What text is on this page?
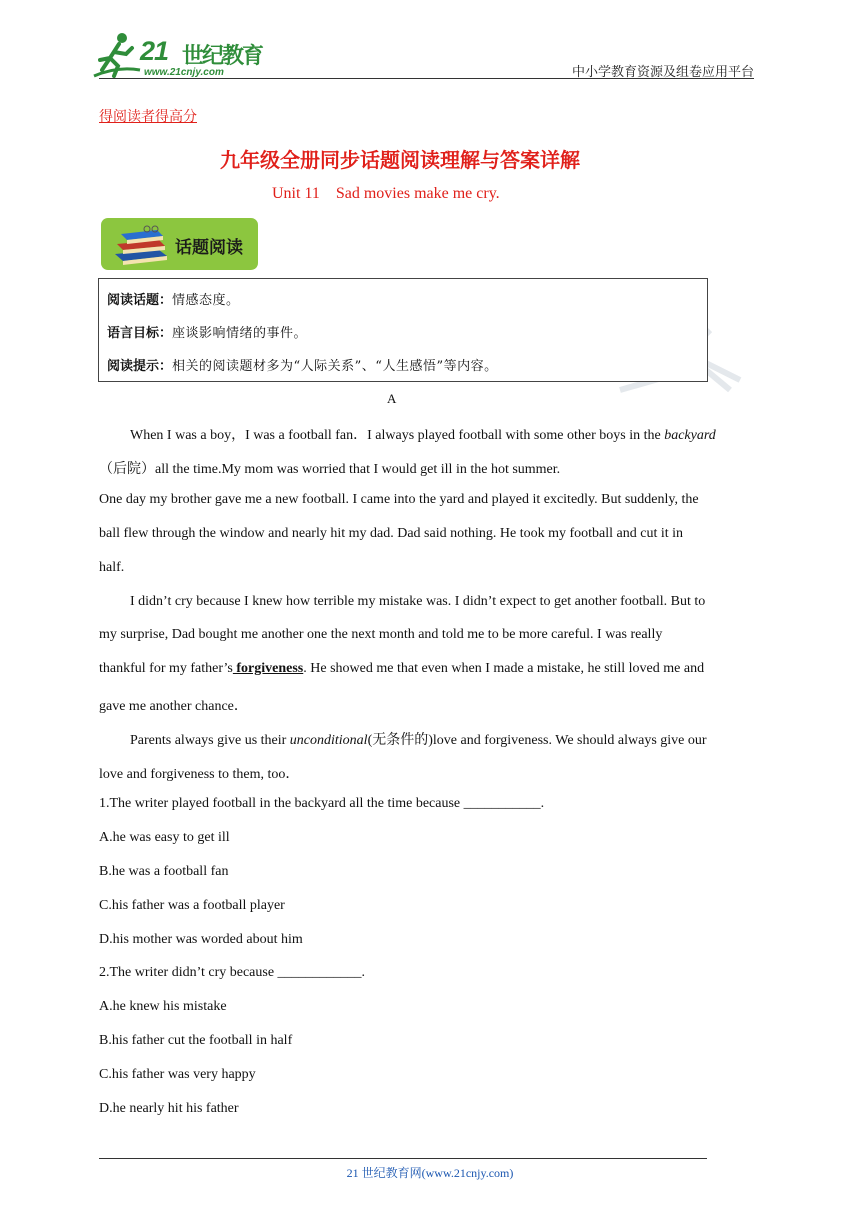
21 世纪教育
www.21cnjy.com	中小学教育资源及组卷应用平台
得阅读者得高分
九年级全册同步话题阅读理解与答案详解
Unit 11 Sad movies make me cry.
话题阅读
阅读话题：情感态度。
语言目标：座谈影响情绪的事件。
阅读提示：相关的阅读题材多为“人际关系”、“人生感悟”等内容。
A
When I was a boy，I was a football fan．I always played football with some other boys in the backyard
（后院）all the time.My mom was worried that I would get ill in the hot summer.
One day my brother gave me a new football. I came into the yard and played it excitedly. But suddenly, the
ball flew through the window and nearly hit my dad. Dad said nothing. He took my football and cut it in
half.
I didn’t cry because I knew how terrible my mistake was. I didn’t expect to get another football. But to
my surprise, Dad bought me another one the next month and told me to be more careful. I was really
thankful for my father’s forgiveness. He showed me that even when I made a mistake, he still loved me and
gave me another chance．
Parents always give us their unconditional(无条件的)love and forgiveness. We should always give our
love and forgiveness to them, too．
1.The writer played football in the backyard all the time because ___________.
A.he was easy to get ill
B.he was a football fan
C.his father was a football player
D.his mother was worded about him
2.The writer didn’t cry because ____________.
A.he knew his mistake
B.his father cut the football in half
C.his father was very happy
D.he nearly hit his father
21 世纪教育网(www.21cnjy.com)
